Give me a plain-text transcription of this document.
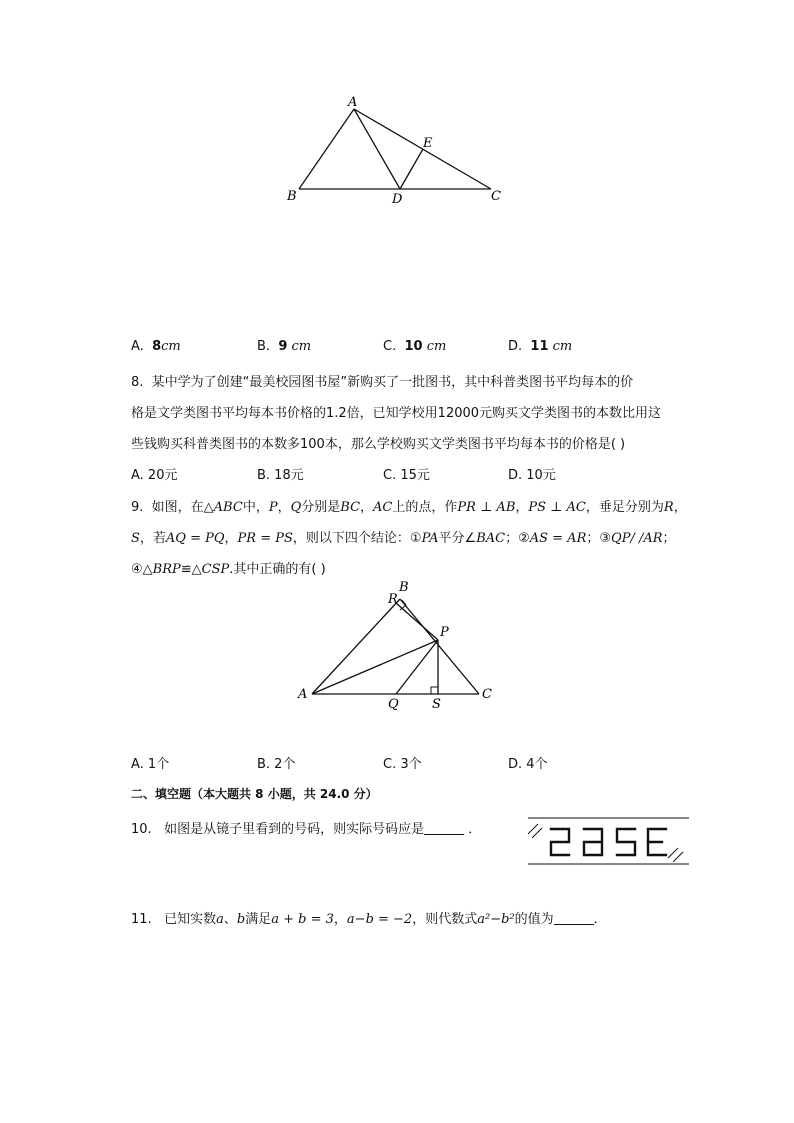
A
B	C
D
E
A. 8cm	B. 9 cm	C. 10 cm	D. 11 cm
8. 某中学为了创建“最美校园图书屋”新购买了一批图书，其中科普类图书平均每本的价
格是文学类图书平均每本书价格的1.2倍，已知学校用12000元购买文学类图书的本数比用这
些钱购买科普类图书的本数多100本，那么学校购买文学类图书平均每本书的价格是( )
A. 20元	B. 18元	C. 15元	D. 10元
9. 如图，在△ABC中，P，Q分别是BC，AC上的点，作PR ⊥ AB，PS ⊥ AC，垂足分别为R，
S，若AQ = PQ，PR = PS，则以下四个结论：①PA平分∠BAC；②AS = AR；③QP/ /AR；
④△BRP≌△CSP.其中正确的有( )
A
B
C
P
Q
R
S
A. 1个	B. 2个	C. 3个	D. 4个
二、填空题（本大题共 8 小题，共 24.0 分）
10. 如图是从镜子里看到的号码，则实际号码应是	．
11. 已知实数a、b满足a + b = 3，a−b = −2，则代数式a²−b²的值为	．
